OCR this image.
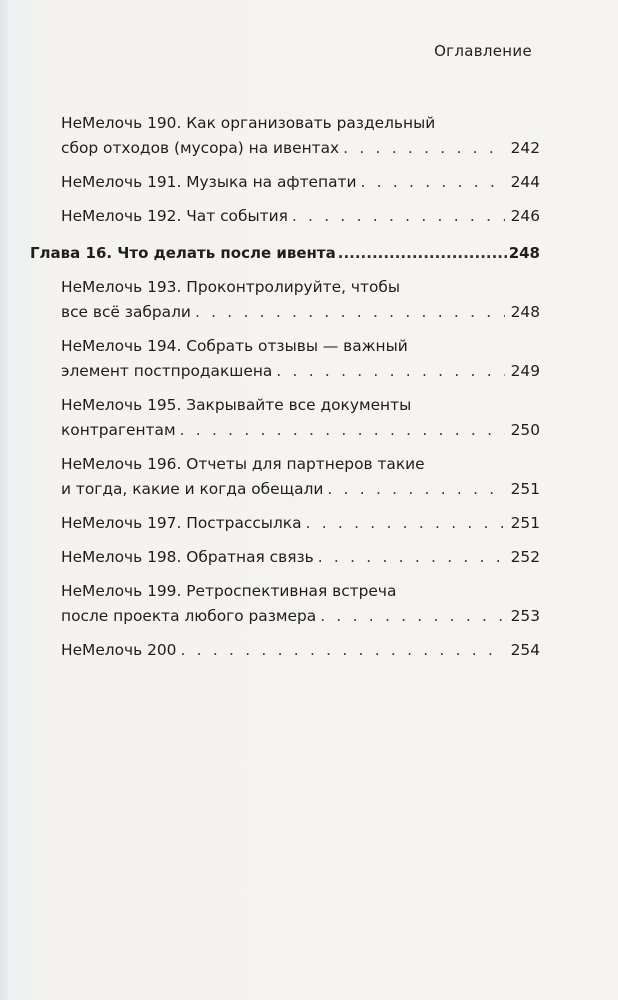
Оглавление
НеМелочь 190. Как организовать раздельный
сбор отходов (мусора) на ивентах . . .	242
НеМелочь 191. Музыка на афтепати . . .	244
НеМелочь 192. Чат события . . .	246
Глава 16. Что делать после ивента .....	248
НеМелочь 193. Проконтролируйте, чтобы
все всё забрали . . .	248
НеМелочь 194. Собрать отзывы — важный
элемент постпродакшена . . .	249
НеМелочь 195. Закрывайте все документы
контрагентам . . .	250
НеМелочь 196. Отчеты для партнеров такие
и тогда, какие и когда обещали . . .	251
НеМелочь 197. Пострассылка . . .	251
НеМелочь 198. Обратная связь . . .	252
НеМелочь 199. Ретроспективная встреча
после проекта любого размера . . .	253
НеМелочь 200 . . .	254
